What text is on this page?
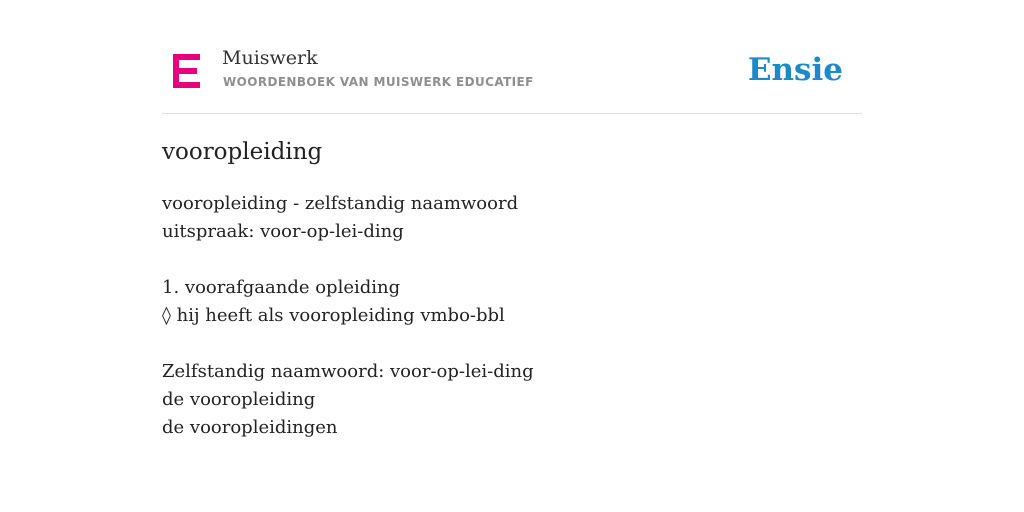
Muiswerk
WOORDENBOEK VAN MUISWERK EDUCATIEF	Ensie
vooropleiding
vooropleiding - zelfstandig naamwoord
uitspraak: voor-op-lei-ding
1. voorafgaande opleiding
◊ hij heeft als vooropleiding vmbo-bbl
Zelfstandig naamwoord: voor-op-lei-ding
de vooropleiding
de vooropleidingen
